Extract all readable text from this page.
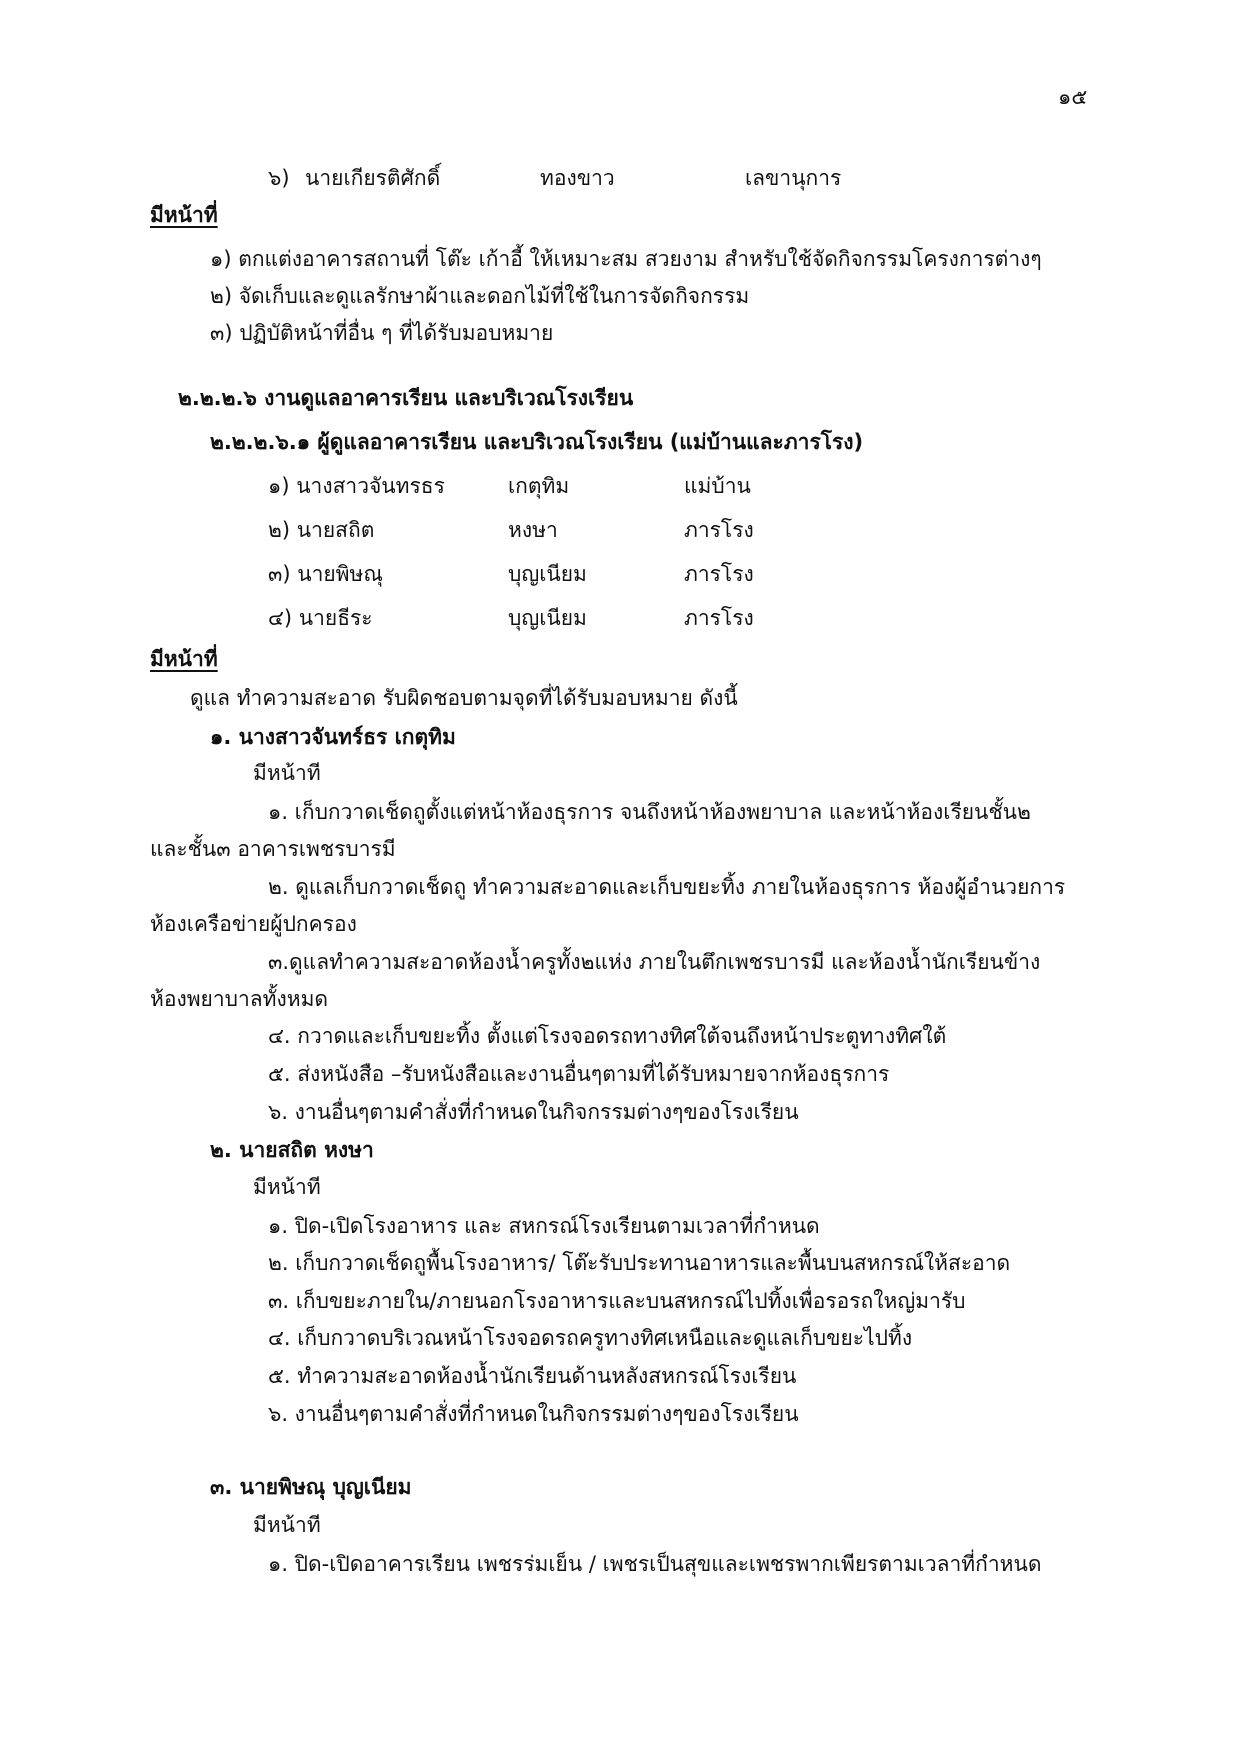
๑๕
๖) นายเกียรติศักดิ์	ทองขาว	เลขานุการ
มีหน้าที่
๑) ตกแต่งอาคารสถานที่ โต๊ะ เก้าอี้ ให้เหมาะสม สวยงาม สำหรับใช้จัดกิจกรรมโครงการต่างๆ
๒) จัดเก็บและดูแลรักษาผ้าและดอกไม้ที่ใช้ในการจัดกิจกรรม
๓) ปฏิบัติหน้าที่อื่น ๆ ที่ได้รับมอบหมาย
๒.๒.๒.๖ งานดูแลอาคารเรียน และบริเวณโรงเรียน
๒.๒.๒.๖.๑ ผู้ดูแลอาคารเรียน และบริเวณโรงเรียน (แม่บ้านและภารโรง)
๑) นางสาวจันทรธร	เกตุทิม	แม่บ้าน
๒) นายสถิต	หงษา	ภารโรง
๓) นายพิษณุ	บุญเนียม	ภารโรง
๔) นายธีระ	บุญเนียม	ภารโรง
มีหน้าที่
ดูแล ทำความสะอาด รับผิดชอบตามจุดที่ได้รับมอบหมาย ดังนี้
๑. นางสาวจันทร์ธร เกตุทิม
มีหน้าที
๑. เก็บกวาดเช็ดถูตั้งแต่หน้าห้องธุรการ จนถึงหน้าห้องพยาบาล และหน้าห้องเรียนชั้น๒
และชั้น๓ อาคารเพชรบารมี
๒. ดูแลเก็บกวาดเช็ดถู ทำความสะอาดและเก็บขยะทิ้ง ภายในห้องธุรการ ห้องผู้อำนวยการ
ห้องเครือข่ายผู้ปกครอง
๓.ดูแลทำความสะอาดห้องน้ำครูทั้ง๒แห่ง ภายในตึกเพชรบารมี และห้องน้ำนักเรียนข้าง
ห้องพยาบาลทั้งหมด
๔. กวาดและเก็บขยะทิ้ง ตั้งแต่โรงจอดรถทางทิศใต้จนถึงหน้าประตูทางทิศใต้
๕. ส่งหนังสือ –รับหนังสือและงานอื่นๆตามที่ได้รับหมายจากห้องธุรการ
๖. งานอื่นๆตามคำสั่งที่กำหนดในกิจกรรมต่างๆของโรงเรียน
๒. นายสถิต หงษา
มีหน้าที
๑. ปิด-เปิดโรงอาหาร และ สหกรณ์โรงเรียนตามเวลาที่กำหนด
๒. เก็บกวาดเช็ดถูพื้นโรงอาหาร/ โต๊ะรับประทานอาหารและพื้นบนสหกรณ์ให้สะอาด
๓. เก็บขยะภายใน/ภายนอกโรงอาหารและบนสหกรณ์ไปทิ้งเพื่อรอรถใหญ่มารับ
๔. เก็บกวาดบริเวณหน้าโรงจอดรถครูทางทิศเหนือและดูแลเก็บขยะไปทิ้ง
๕. ทำความสะอาดห้องน้ำนักเรียนด้านหลังสหกรณ์โรงเรียน
๖. งานอื่นๆตามคำสั่งที่กำหนดในกิจกรรมต่างๆของโรงเรียน
๓. นายพิษณุ บุญเนียม
มีหน้าที
๑. ปิด-เปิดอาคารเรียน เพชรร่มเย็น / เพชรเป็นสุขและเพชรพากเพียรตามเวลาที่กำหนด
